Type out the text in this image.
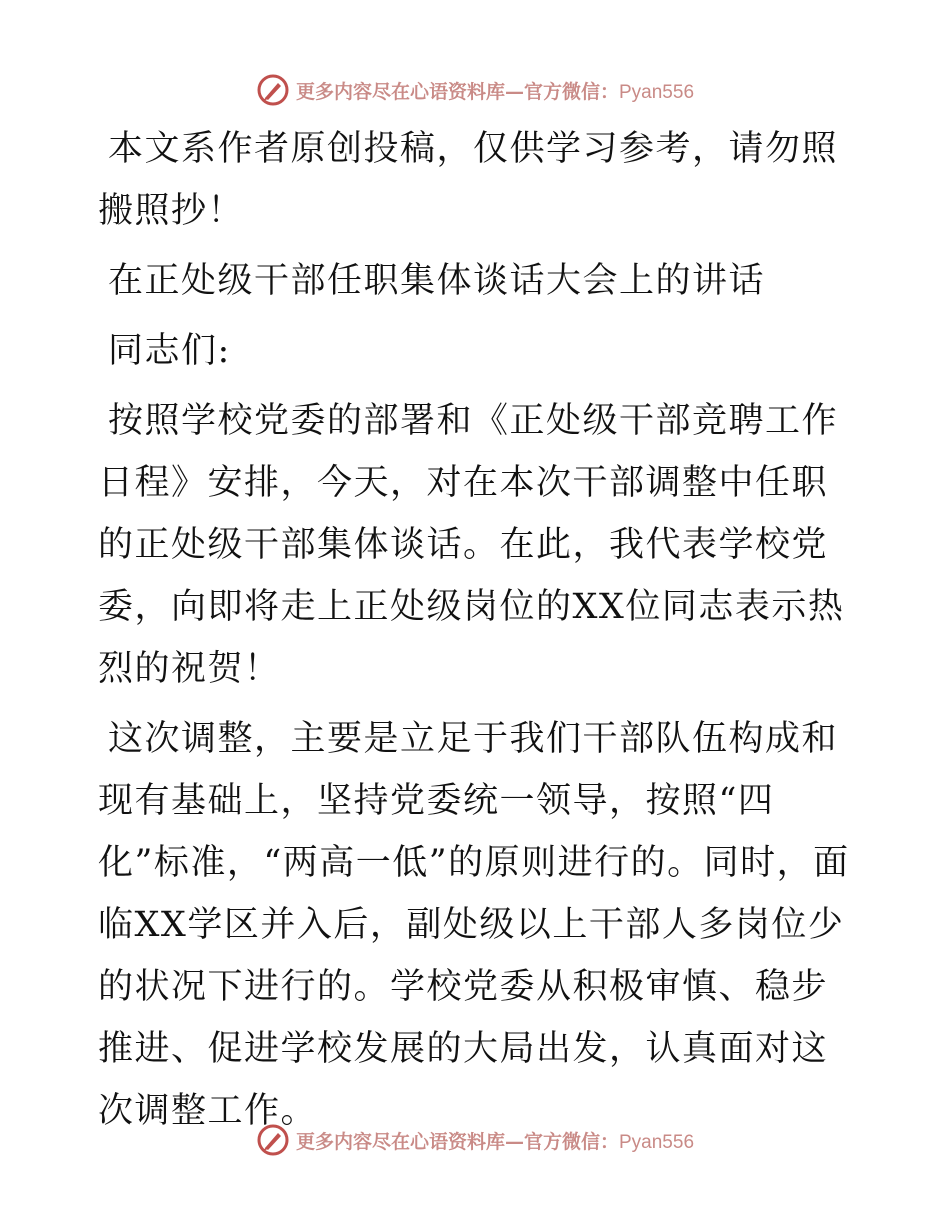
更多内容尽在心语资料库—官方微信：Pyan556

本文系作者原创投稿，仅供学习参考，请勿照搬照抄！

在正处级干部任职集体谈话大会上的讲话

同志们:

按照学校党委的部署和《正处级干部竞聘工作日程》安排，今天，对在本次干部调整中任职的正处级干部集体谈话。在此，我代表学校党委，向即将走上正处级岗位的XX位同志表示热烈的祝贺！

这次调整，主要是立足于我们干部队伍构成和现有基础上，坚持党委统一领导，按照“四化”标准，“两高一低”的原则进行的。同时，面临XX学区并入后，副处级以上干部人多岗位少的状况下进行的。学校党委从积极审慎、稳步推进、促进学校发展的大局出发，认真面对这次调整工作。

更多内容尽在心语资料库—官方微信：Pyan556
